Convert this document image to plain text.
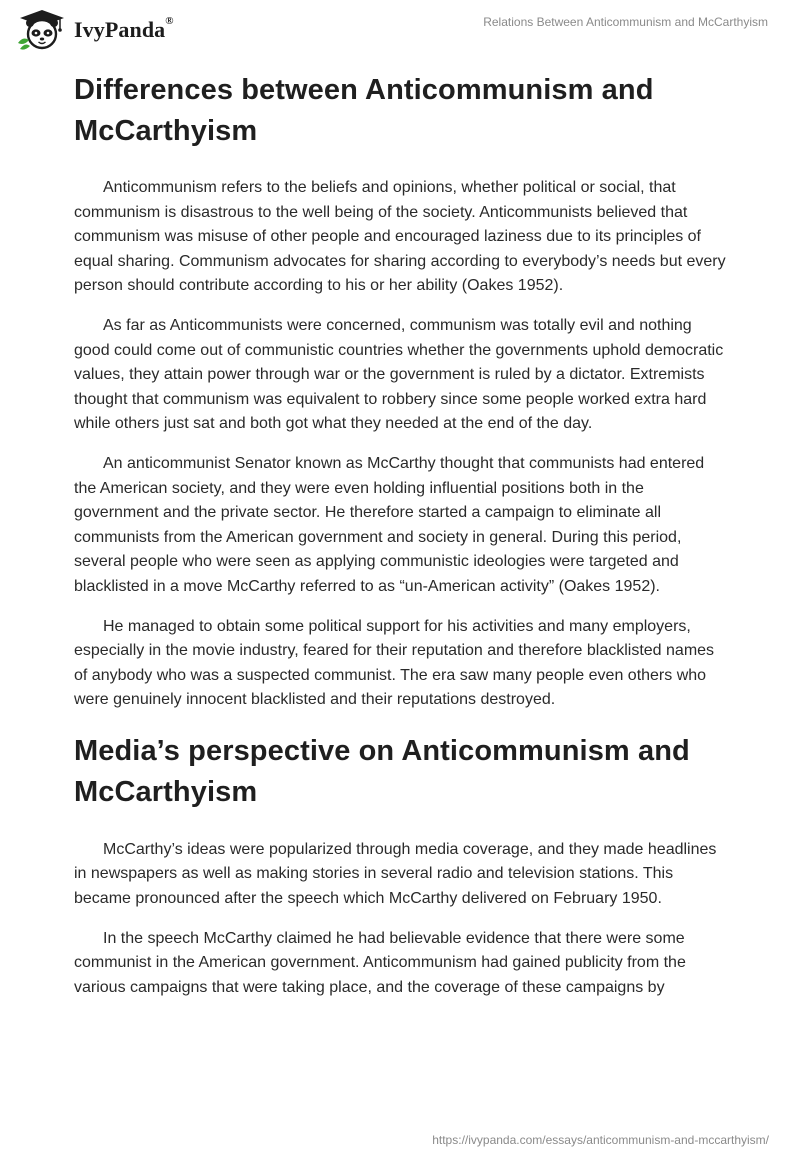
IvyPanda®	Relations Between Anticommunism and McCarthyism
Differences between Anticommunism and McCarthyism

Anticommunism refers to the beliefs and opinions, whether political or social, that communism is disastrous to the well being of the society. Anticommunists believed that communism was misuse of other people and encouraged laziness due to its principles of equal sharing. Communism advocates for sharing according to everybody’s needs but every person should contribute according to his or her ability (Oakes 1952).

As far as Anticommunists were concerned, communism was totally evil and nothing good could come out of communistic countries whether the governments uphold democratic values, they attain power through war or the government is ruled by a dictator. Extremists thought that communism was equivalent to robbery since some people worked extra hard while others just sat and both got what they needed at the end of the day.

An anticommunist Senator known as McCarthy thought that communists had entered the American society, and they were even holding influential positions both in the government and the private sector. He therefore started a campaign to eliminate all communists from the American government and society in general. During this period, several people who were seen as applying communistic ideologies were targeted and blacklisted in a move McCarthy referred to as “un-American activity” (Oakes 1952).

He managed to obtain some political support for his activities and many employers, especially in the movie industry, feared for their reputation and therefore blacklisted names of anybody who was a suspected communist. The era saw many people even others who were genuinely innocent blacklisted and their reputations destroyed.

Media’s perspective on Anticommunism and McCarthyism

McCarthy’s ideas were popularized through media coverage, and they made headlines in newspapers as well as making stories in several radio and television stations. This became pronounced after the speech which McCarthy delivered on February 1950.

In the speech McCarthy claimed he had believable evidence that there were some communist in the American government. Anticommunism had gained publicity from the various campaigns that were taking place, and the coverage of these campaigns by

https://ivypanda.com/essays/anticommunism-and-mccarthyism/
